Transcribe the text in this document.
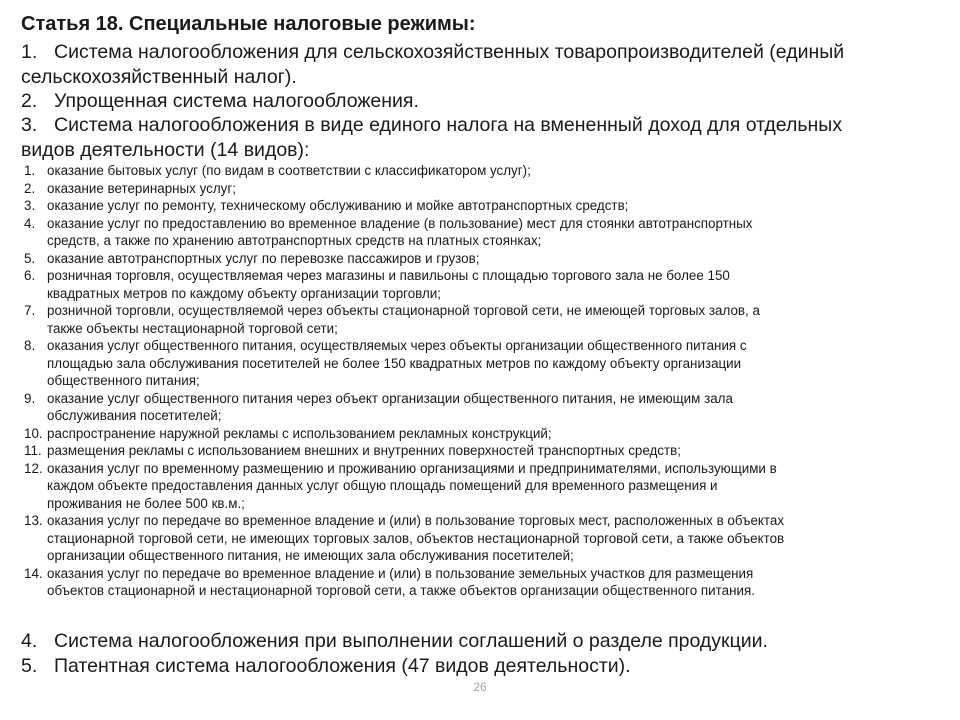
Статья 18. Специальные налоговые режимы:
1. Система налогообложения для сельскохозяйственных товаропроизводителей (единый
сельскохозяйственный налог).
2. Упрощенная система налогообложения.
3. Система налогообложения в виде единого налога на вмененный доход для отдельных
видов деятельности (14 видов):
1. оказание бытовых услуг (по видам в соответствии с классификатором услуг);
2. оказание ветеринарных услуг;
3. оказание услуг по ремонту, техническому обслуживанию и мойке автотранспортных средств;
4. оказание услуг по предоставлению во временное владение (в пользование) мест для стоянки автотранспортных
средств, а также по хранению автотранспортных средств на платных стоянках;
5. оказание автотранспортных услуг по перевозке пассажиров и грузов;
6. розничная торговля, осуществляемая через магазины и павильоны с площадью торгового зала не более 150
квадратных метров по каждому объекту организации торговли;
7. розничной торговли, осуществляемой через объекты стационарной торговой сети, не имеющей торговых залов, а
также объекты нестационарной торговой сети;
8. оказания услуг общественного питания, осуществляемых через объекты организации общественного питания с
площадью зала обслуживания посетителей не более 150 квадратных метров по каждому объекту организации
общественного питания;
9. оказание услуг общественного питания через объект организации общественного питания, не имеющим зала
обслуживания посетителей;
10. распространение наружной рекламы с использованием рекламных конструкций;
11. размещения рекламы с использованием внешних и внутренних поверхностей транспортных средств;
12. оказания услуг по временному размещению и проживанию организациями и предпринимателями, использующими в
каждом объекте предоставления данных услуг общую площадь помещений для временного размещения и
проживания не более 500 кв.м.;
13. оказания услуг по передаче во временное владение и (или) в пользование торговых мест, расположенных в объектах
стационарной торговой сети, не имеющих торговых залов, объектов нестационарной торговой сети, а также объектов
организации общественного питания, не имеющих зала обслуживания посетителей;
14. оказания услуг по передаче во временное владение и (или) в пользование земельных участков для размещения
объектов стационарной и нестационарной торговой сети, а также объектов организации общественного питания.
4. Система налогообложения при выполнении соглашений о разделе продукции.
5. Патентная система налогообложения (47 видов деятельности).
26
